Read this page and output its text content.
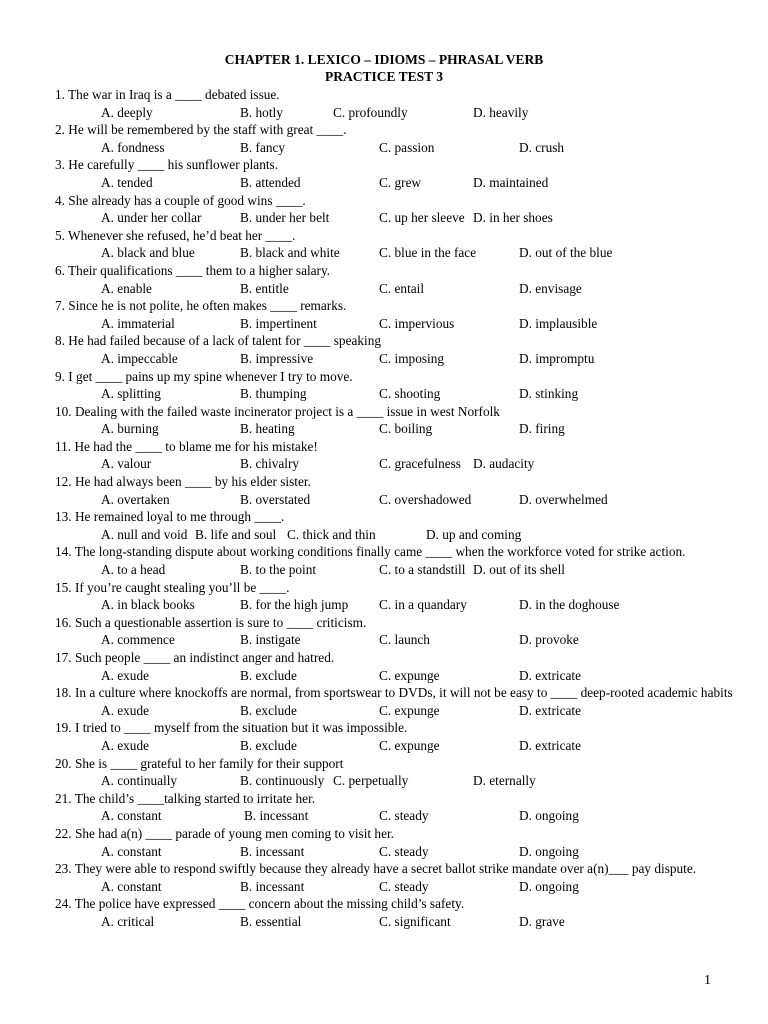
CHAPTER 1. LEXICO – IDIOMS – PHRASAL VERB
PRACTICE TEST 3
1. The war in Iraq is a ____ debated issue.
A. deeply	B. hotly	C. profoundly	D. heavily
2. He will be remembered by the staff with great ____.
A. fondness	B. fancy	C. passion	D. crush
3. He carefully ____ his sunflower plants.
A. tended	B. attended	C. grew	D. maintained
4. She already has a couple of good wins ____.
A. under her collar	B. under her belt	C. up her sleeve D. in her shoes
5. Whenever she refused, he’d beat her ____.
A. black and blue	B. black and white	C. blue in the face	D. out of the blue
6. Their qualifications ____ them to a higher salary.
A. enable	B. entitle	C. entail	D. envisage
7. Since he is not polite, he often makes ____ remarks.
A. immaterial	B. impertinent	C. impervious	D. implausible
8. He had failed because of a lack of talent for ____ speaking
A. impeccable	B. impressive	C. imposing	D. impromptu
9. I get ____ pains up my spine whenever I try to move.
A. splitting	B. thumping	C. shooting	D. stinking
10. Dealing with the failed waste incinerator project is a ____ issue in west Norfolk
A. burning	B. heating	C. boiling	D. firing
11. He had the ____ to blame me for his mistake!
A. valour	B. chivalry	C. gracefulness D. audacity
12. He had always been ____ by his elder sister.
A. overtaken	B. overstated	C. overshadowed	D. overwhelmed
13. He remained loyal to me through ____.
A. null and void B. life and soul C. thick and thin	D. up and coming
14. The long-standing dispute about working conditions finally came ____ when the workforce voted for strike action.
A. to a head	B. to the point	C. to a standstill D. out of its shell
15. If you’re caught stealing you’ll be ____.
A. in black books	B. for the high jump C. in a quandary	D. in the doghouse
16. Such a questionable assertion is sure to ____ criticism.
A. commence	B. instigate	C. launch	D. provoke
17. Such people ____ an indistinct anger and hatred.
A. exude	B. exclude	C. expunge	D. extricate
18. In a culture where knockoffs are normal, from sportswear to DVDs, it will not be easy to ____ deep-rooted academic habits
A. exude	B. exclude	C. expunge	D. extricate
19. I tried to ____ myself from the situation but it was impossible.
A. exude	B. exclude	C. expunge	D. extricate
20. She is ____ grateful to her family for their support
A. continually	B. continuously C. perpetually	D. eternally
21. The child’s ____talking started to irritate her.
A. constant	B. incessant	C. steady	D. ongoing
22. She had a(n) ____ parade of young men coming to visit her.
A. constant	B. incessant	C. steady	D. ongoing
23. They were able to respond swiftly because they already have a secret ballot strike mandate over a(n)___ pay dispute.
A. constant	B. incessant	C. steady	D. ongoing
24. The police have expressed ____ concern about the missing child’s safety.
A. critical	B. essential	C. significant	D. grave
1
